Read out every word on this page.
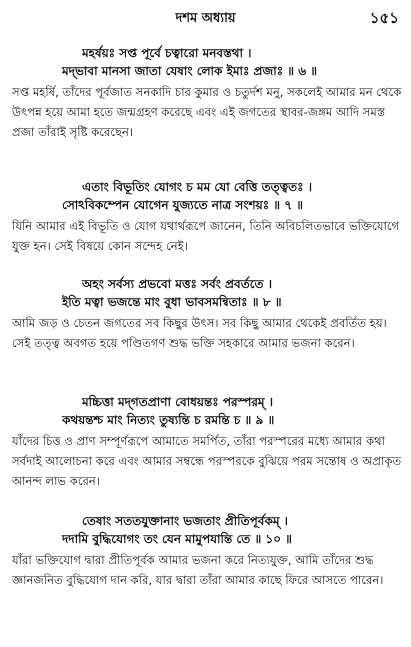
দশম অধ্যায়	১৫১
মহর্ষয়ঃ সপ্ত পূর্বে চত্বারো মনবস্তথা ।
মদ্‌ভাবা মানসা জাতা যেষাং লোক ইমাঃ প্রজাঃ ॥ ৬ ॥
সপ্ত মহর্ষি, তাঁদের পূর্বজাত সনকাদি চার কুমার ও চতুর্দশ মনু, সকলেই আমার মন থেকে উৎপন্ন হয়ে আমা হতে জন্মগ্রহণ করেছে এবং এই জগতের স্থাবর-জঙ্গম আদি সমস্ত প্রজা তাঁরাই সৃষ্টি করেছেন।
এতাং বিভূতিং যোগং চ মম যো বেত্তি তত্ত্বতঃ ।
সোঽবিকম্পেন যোগেন যুজ্যতে নাত্র সংশয়ঃ ॥ ৭ ॥
যিনি আমার এই বিভূতি ও যোগ যথার্থরূপে জানেন, তিনি অবিচলিতভাবে ভক্তিযোগে যুক্ত হন। সেই বিষয়ে কোন সন্দেহ নেই।
অহং সর্বস্য প্রভবো মত্তঃ সর্বং প্রবর্ততে ।
ইতি মত্বা ভজন্তে মাং বুধা ভাবসমন্বিতাঃ ॥ ৮ ॥
আমি জড় ও চেতন জগতের সব কিছুর উৎস। সব কিছু আমার থেকেই প্রবর্তিত হয়। সেই তত্ত্ব অবগত হয়ে পণ্ডিতগণ শুদ্ধ ভক্তি সহকারে আমার ভজনা করেন।
মচ্চিত্তা মদ্‌গতপ্রাণা বোধয়ন্তঃ পরস্পরম্ ।
কথয়ন্তশ্চ মাং নিত্যং তুষ্যন্তি চ রমন্তি চ ॥ ৯ ॥
যাঁদের চিত্ত ও প্রাণ সম্পূর্ণরূপে আমাতে সমর্পিত, তাঁরা পরস্পরের মধ্যে আমার কথা সর্বদাই আলোচনা করে এবং আমার সম্বন্ধে পরস্পরকে বুঝিয়ে পরম সন্তোষ ও অপ্রাকৃত আনন্দ লাভ করেন।
তেষাং সততযুক্তানাং ভজতাং প্রীতিপূর্বকম্ ।
দদামি বুদ্ধিযোগং তং যেন মামুপযান্তি তে ॥ ১০ ॥
যাঁরা ভক্তিযোগ দ্বারা প্রীতিপূর্বক আমার ভজনা করে নিত্যযুক্ত, আমি তাঁদের শুদ্ধ জ্ঞানজনিত বুদ্ধিযোগ দান করি, যার দ্বারা তাঁরা আমার কাছে ফিরে আসতে পারেন।
